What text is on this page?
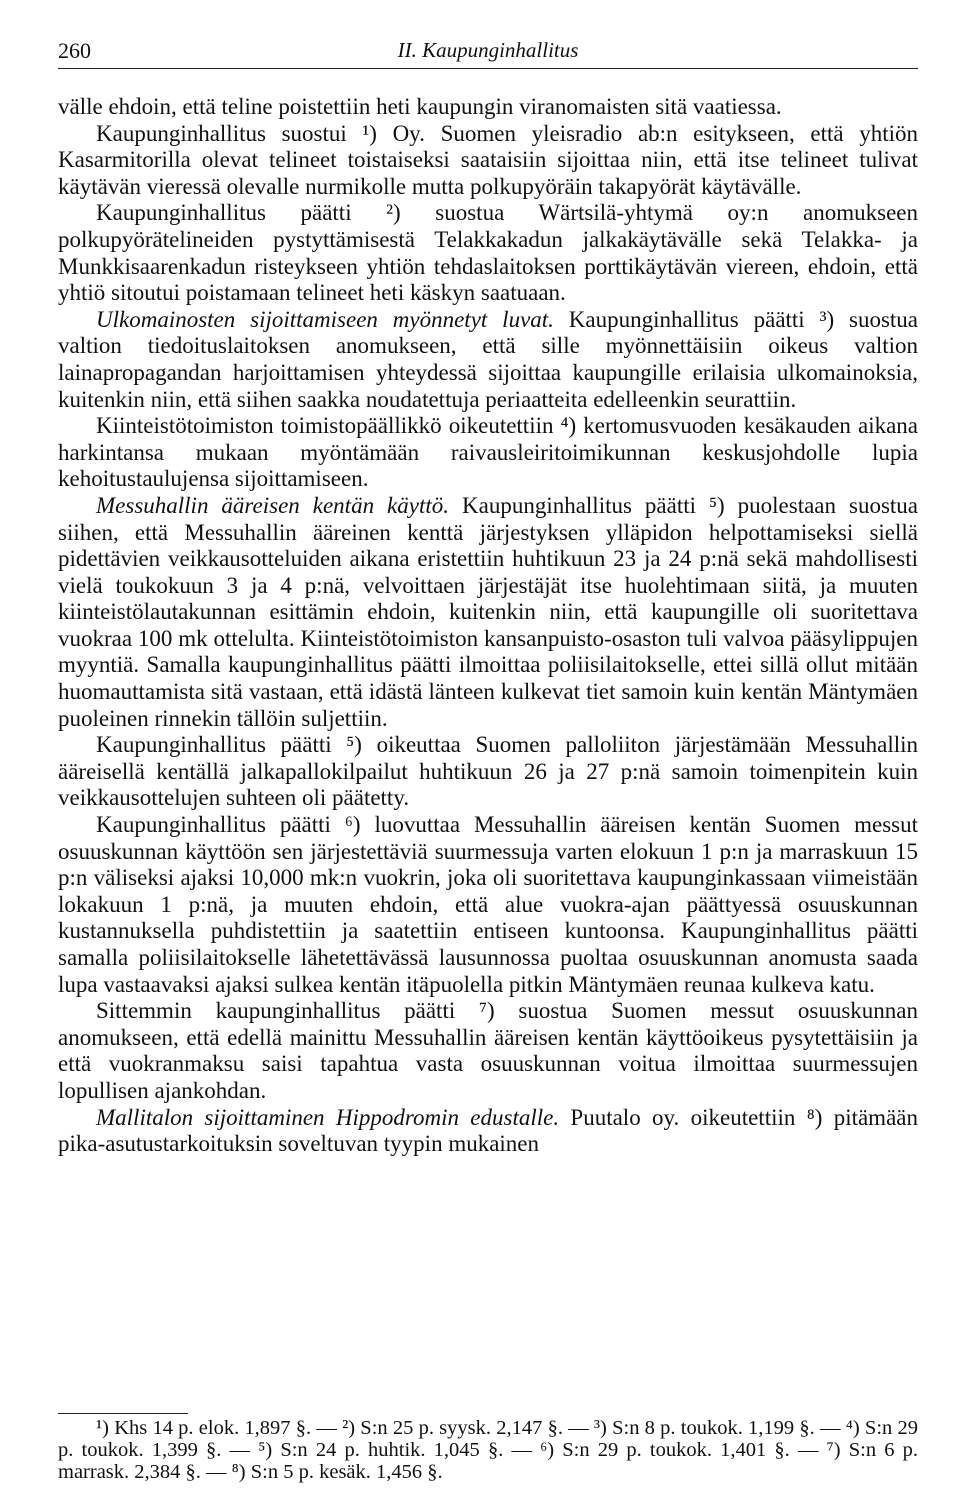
260	II. Kaupunginhallitus

välle ehdoin, että teline poistettiin heti kaupungin viranomaisten sitä vaatiessa.

Kaupunginhallitus suostui ¹) Oy. Suomen yleisradio ab:n esitykseen, että yhtiön Kasarmitorilla olevat telineet toistaiseksi saataisiin sijoittaa niin, että itse telineet tulivat käytävän vieressä olevalle nurmikolle mutta polkupyöräin takapyörät käytävälle.

Kaupunginhallitus päätti ²) suostua Wärtsilä-yhtymä oy:n anomukseen polkupyörätelineiden pystyttämisestä Telakkakadun jalkakäytävälle sekä Telakka- ja Munkkisaarenkadun risteykseen yhtiön tehdaslaitoksen porttikäytävän viereen, ehdoin, että yhtiö sitoutui poistamaan telineet heti käskyn saatuaan.

Ulkomainosten sijoittamiseen myönnetyt luvat. Kaupunginhallitus päätti ³) suostua valtion tiedoituslaitoksen anomukseen, että sille myönnettäisiin oikeus valtion lainapropagandan harjoittamisen yhteydessä sijoittaa kaupungille erilaisia ulkomainoksia, kuitenkin niin, että siihen saakka noudatettuja periaatteita edelleenkin seurattiin.

Kiinteistötoimiston toimistopäällikkö oikeutettiin ⁴) kertomusvuoden kesäkauden aikana harkintansa mukaan myöntämään raivausleiritoimikunnan keskusjohdolle lupia kehoitustaulujensa sijoittamiseen.

Messuhallin ääreisen kentän käyttö. Kaupunginhallitus päätti ⁵) puolestaan suostua siihen, että Messuhallin ääreinen kenttä järjestyksen ylläpidon helpottamiseksi siellä pidettävien veikkausotteluiden aikana eristettiin huhtikuun 23 ja 24 p:nä sekä mahdollisesti vielä toukokuun 3 ja 4 p:nä, velvoittaen järjestäjät itse huolehtimaan siitä, ja muuten kiinteistölautakunnan esittämin ehdoin, kuitenkin niin, että kaupungille oli suoritettava vuokraa 100 mk ottelulta. Kiinteistötoimiston kansanpuisto-osaston tuli valvoa pääsylippujen myyntiä. Samalla kaupunginhallitus päätti ilmoittaa poliisilaitokselle, ettei sillä ollut mitään huomauttamista sitä vastaan, että idästä länteen kulkevat tiet samoin kuin kentän Mäntymäen puoleinen rinnekin tällöin suljettiin.

Kaupunginhallitus päätti ⁵) oikeuttaa Suomen palloliiton järjestämään Messuhallin ääreisellä kentällä jalkapallokilpailut huhtikuun 26 ja 27 p:nä samoin toimenpitein kuin veikkausottelujen suhteen oli päätetty.

Kaupunginhallitus päätti ⁶) luovuttaa Messuhallin ääreisen kentän Suomen messut osuuskunnan käyttöön sen järjestettäviä suurmessuja varten elokuun 1 p:n ja marraskuun 15 p:n väliseksi ajaksi 10,000 mk:n vuokrin, joka oli suoritettava kaupunginkassaan viimeistään lokakuun 1 p:nä, ja muuten ehdoin, että alue vuokra-ajan päättyessä osuuskunnan kustannuksella puhdistettiin ja saatettiin entiseen kuntoonsa. Kaupunginhallitus päätti samalla poliisilaitokselle lähetettävässä lausunnossa puoltaa osuuskunnan anomusta saada lupa vastaavaksi ajaksi sulkea kentän itäpuolella pitkin Mäntymäen reunaa kulkeva katu.

Sittemmin kaupunginhallitus päätti ⁷) suostua Suomen messut osuuskunnan anomukseen, että edellä mainittu Messuhallin ääreisen kentän käyttöoikeus pysytettäisiin ja että vuokranmaksu saisi tapahtua vasta osuuskunnan voitua ilmoittaa suurmessujen lopullisen ajankohdan.

Mallitalon sijoittaminen Hippodromin edustalle. Puutalo oy. oikeutettiin ⁸) pitämään pika-asutustarkoituksin soveltuvan tyypin mukainen

¹) Khs 14 p. elok. 1,897 §. — ²) S:n 25 p. syysk. 2,147 §. — ³) S:n 8 p. toukok. 1,199 §. — ⁴) S:n 29 p. toukok. 1,399 §. — ⁵) S:n 24 p. huhtik. 1,045 §. — ⁶) S:n 29 p. toukok. 1,401 §. — ⁷) S:n 6 p. marrask. 2,384 §. — ⁸) S:n 5 p. kesäk. 1,456 §.
